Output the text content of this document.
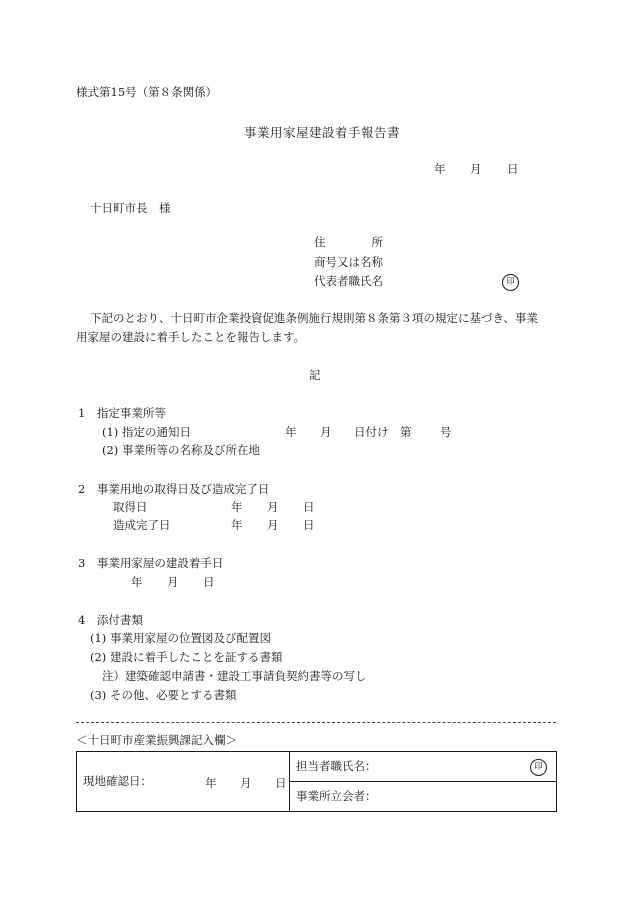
様式第15号（第８条関係）
事業用家屋建設着手報告書
年 月 日
十日町市長　様
住　　　　所
商号又は名称
代表者職氏名	印
下記のとおり、十日町市企業投資促進条例施行規則第８条第３項の規定に基づき、事業
用家屋の建設に着手したことを報告します。
記
1　指定事業所等
(1) 指定の通知日	年 月 日付け　第 号
(2) 事業所等の名称及び所在地
2　事業用地の取得日及び造成完了日
取得日	年 月 日
造成完了日	年 月 日
3　事業用家屋の建設着手日
年 月 日
4　添付書類
(1) 事業用家屋の位置図及び配置図
(2) 建設に着手したことを証する書類
注）建築確認申請書・建設工事請負契約書等の写し
(3) その他、必要とする書類
＜十日町市産業振興課記入欄＞
現地確認日：	年 月 日
	担当者職氏名：	印

事業所立会者：
